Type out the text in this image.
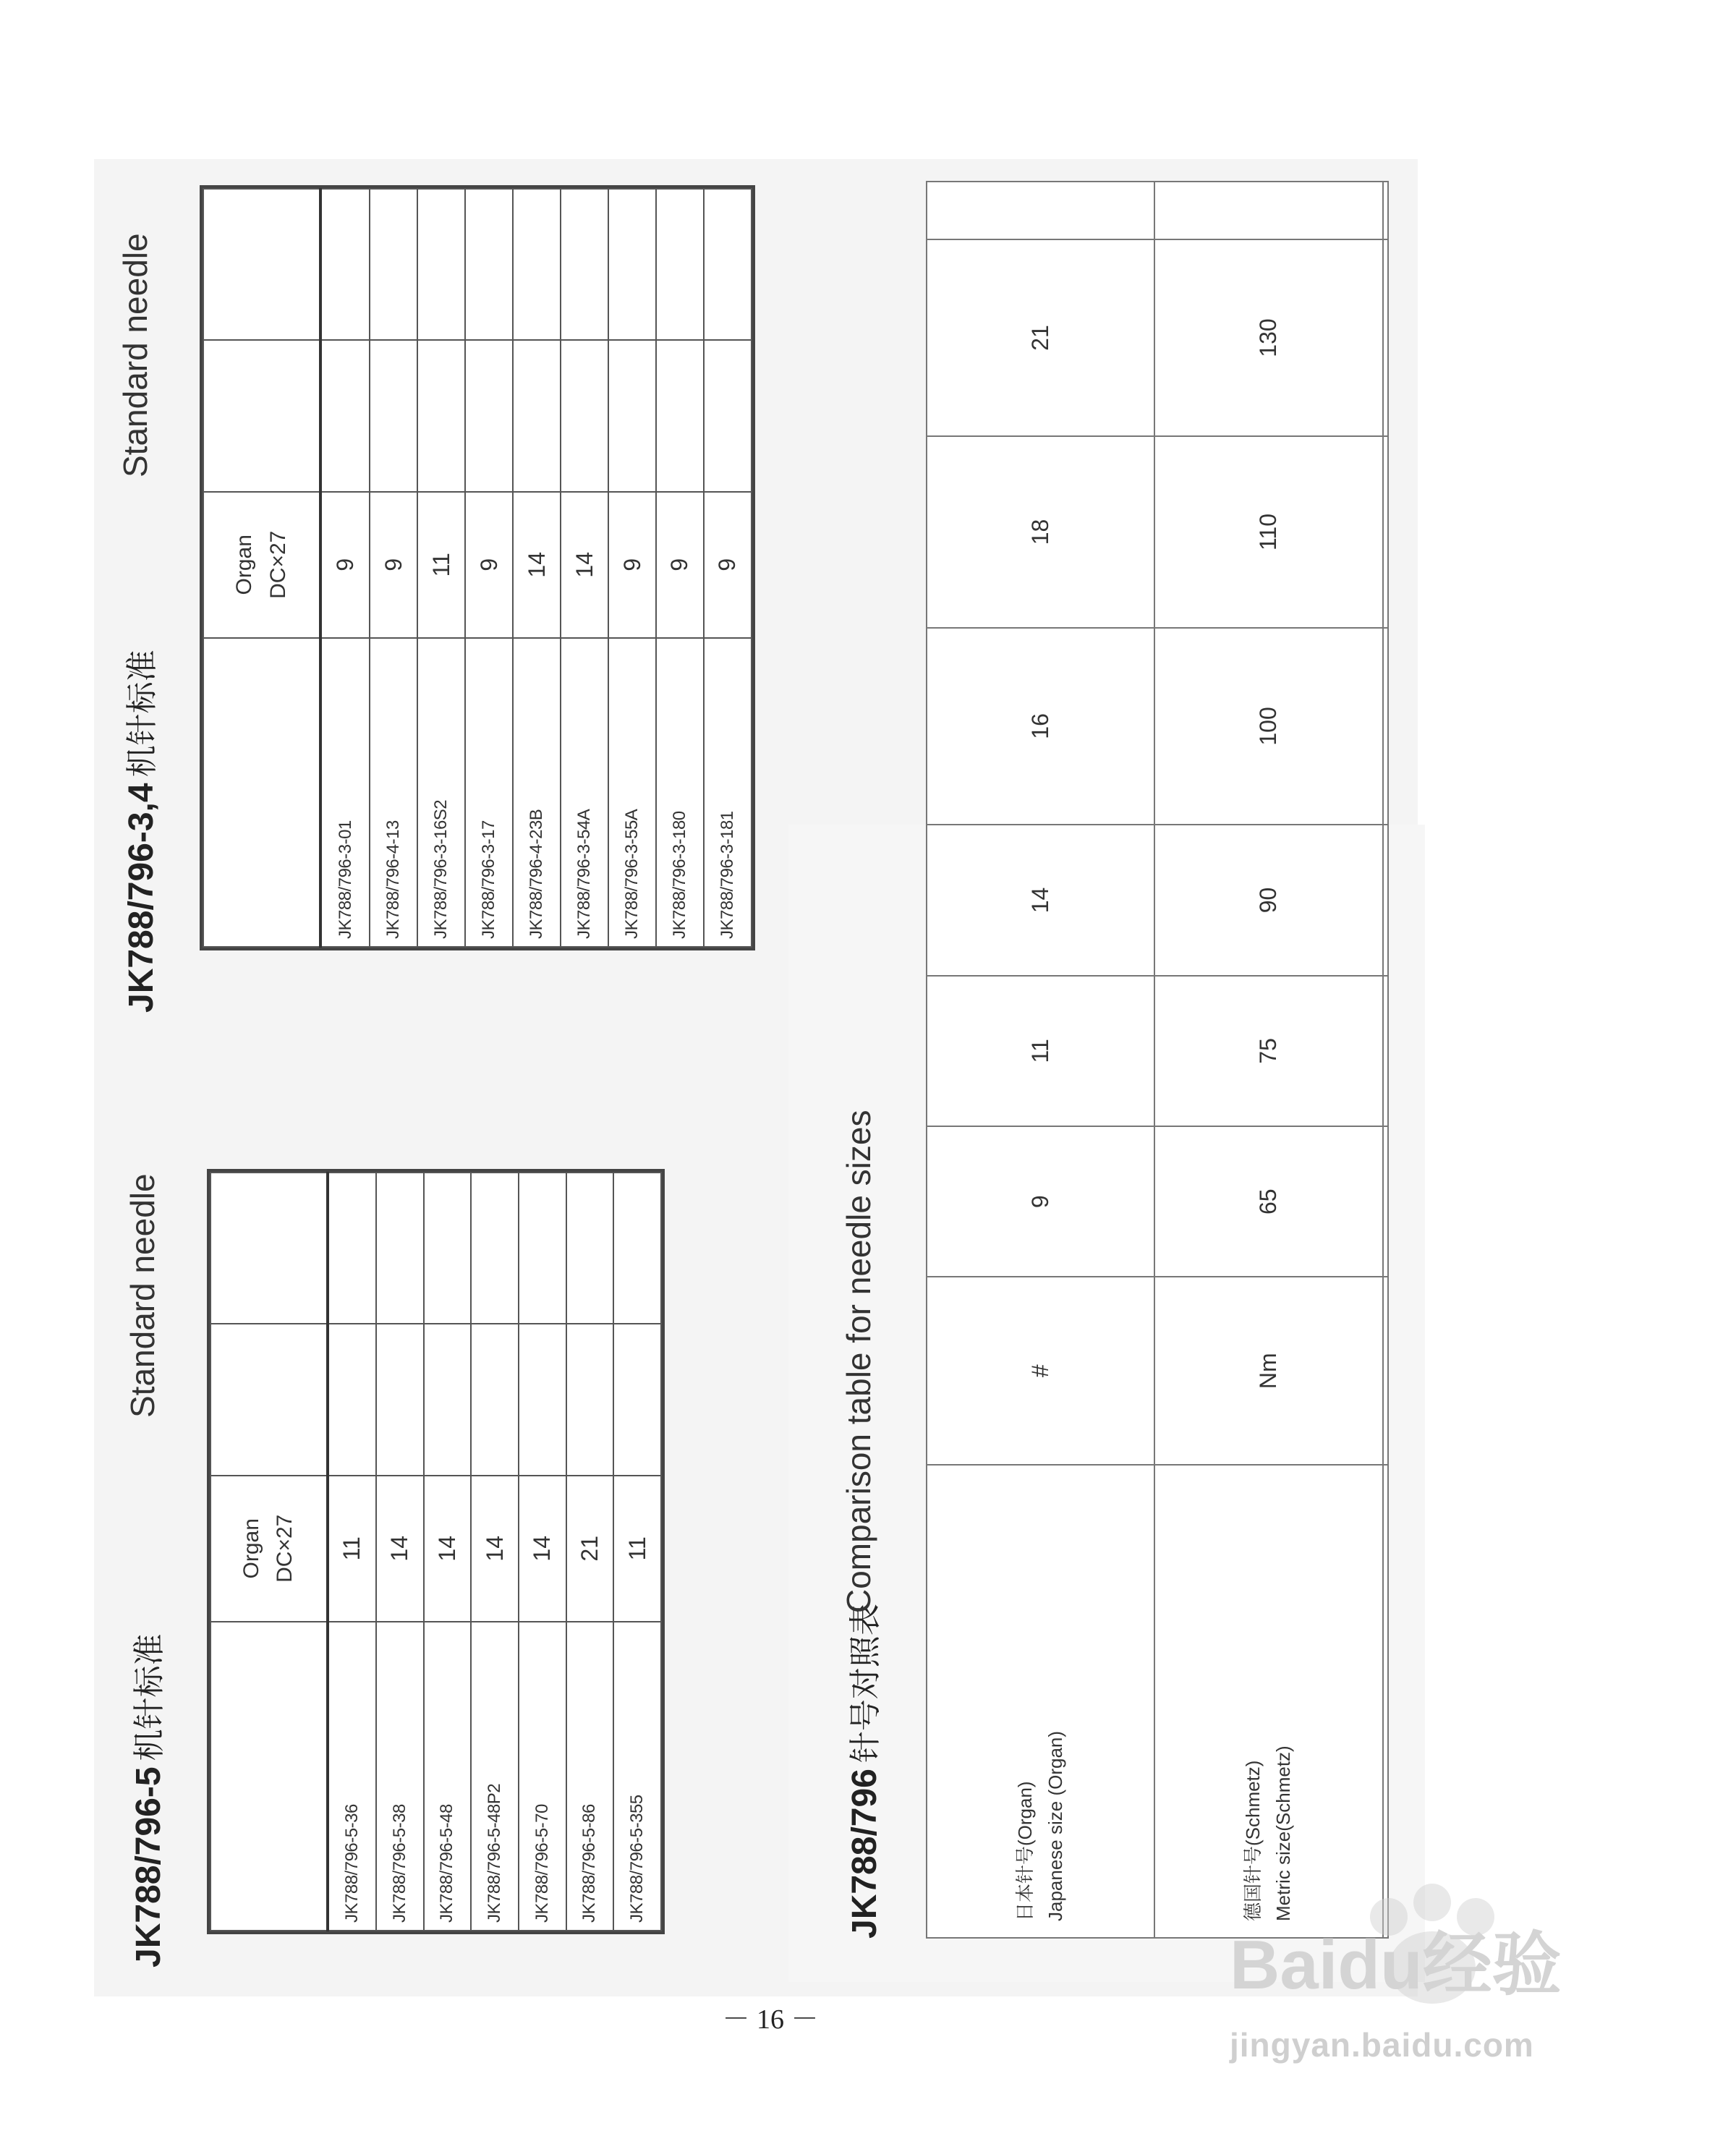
JK788/796-5
机针标准
Standard needle

	Organ DC×27		

JK788/796-5-36	11		
JK788/796-5-38	14		
JK788/796-5-48	14		
JK788/796-5-48P2	14		
JK788/796-5-70	14		
JK788/796-5-86	21		
JK788/796-5-355	11		
JK788/796-3,4
机针标准
Standard needle

	Organ DC×27		

JK788/796-3-01	9		
JK788/796-4-13	9		
JK788/796-3-16S2	11		
JK788/796-3-17	9		
JK788/796-4-23B	14		
JK788/796-3-54A	14		
JK788/796-3-55A	9		
JK788/796-3-180	9		
JK788/796-3-181	9		
JK788/796
针号对照表
Comparison table for needle sizes
日本针号(Organ) Japanese size (Organ)	#	9	11	14	16	18	21	

德国针号(Schmetz) Metric size(Schmetz)	Nm	65	75	90	100	110	130	

－ 16 －
Baidu经验
jingyan.baidu.com
